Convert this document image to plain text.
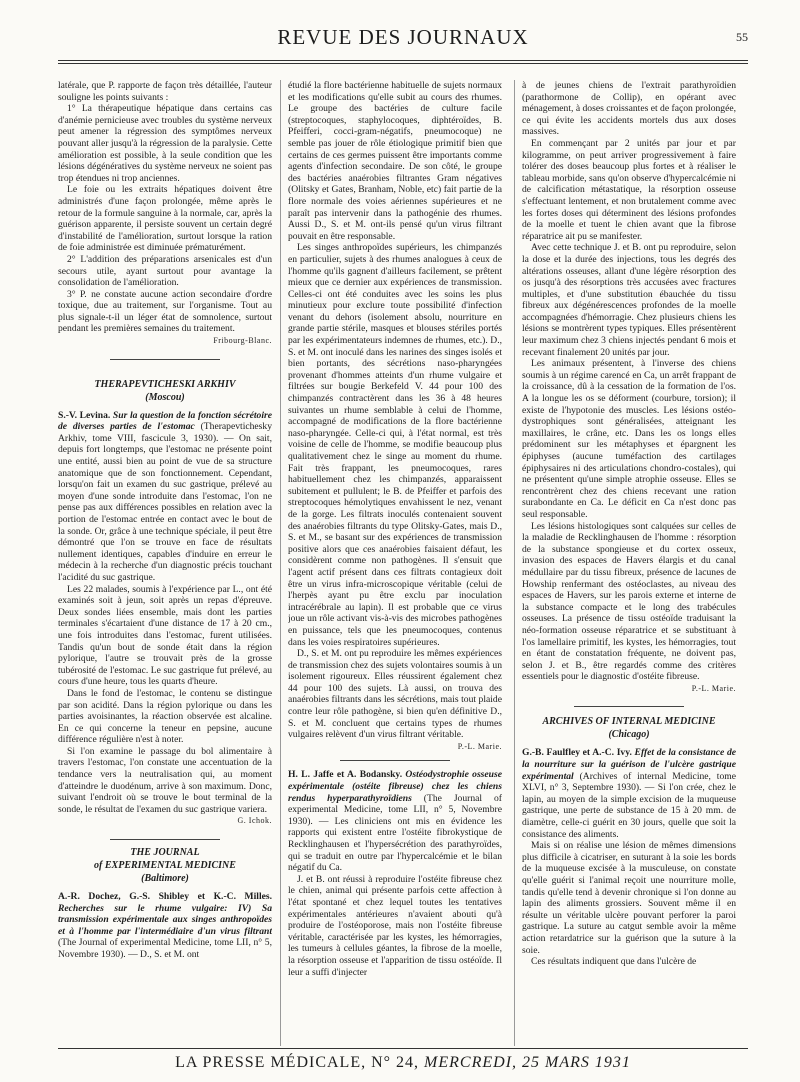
REVUE DES JOURNAUX	55

latérale, que P. rapporte de façon très détaillée, l'auteur souligne les points suivants :

1° La thérapeutique hépatique dans certains cas d'anémie pernicieuse avec troubles du système nerveux peut amener la régression des symptômes nerveux pouvant aller jusqu'à la régression de la paralysie. Cette amélioration est possible, à la seule condition que les lésions dégénératives du système nerveux ne soient pas trop étendues ni trop anciennes.

Le foie ou les extraits hépatiques doivent être administrés d'une façon prolongée, même après le retour de la formule sanguine à la normale, car, après la guérison apparente, il persiste souvent un certain degré d'instabilité de l'amélioration, surtout lorsque la ration de foie administrée est diminuée prématurément.

2° L'addition des préparations arsenicales est d'un secours utile, ayant surtout pour avantage la consolidation de l'amélioration.

3° P. ne constate aucune action secondaire d'ordre toxique, due au traitement, sur l'organisme. Tout au plus signale-t-il un léger état de somnolence, surtout pendant les premières semaines du traitement.

Fribourg-Blanc.

THERAPEVTICHESKI ARKHIV
(Moscou)

S.-V. Levina. Sur la question de la fonction sécrétoire de diverses parties de l'estomac (Therapevtichesky Arkhiv, tome VIII, fascicule 3, 1930). — On sait, depuis fort longtemps, que l'estomac ne présente point une entité, aussi bien au point de vue de sa structure anatomique que de son fonctionnement. Cependant, lorsqu'on fait un examen du suc gastrique, prélevé au moyen d'une sonde introduite dans l'estomac, l'on ne pense pas aux différences possibles en relation avec la portion de l'estomac entrée en contact avec le bout de la sonde. Or, grâce à une technique spéciale, il peut être démontré que l'on se trouve en face de résultats nullement identiques, capables d'induire en erreur le médecin à la recherche d'un diagnostic précis touchant l'acidité du suc gastrique.

Les 22 malades, soumis à l'expérience par L., ont été examinés soit à jeun, soit après un repas d'épreuve. Deux sondes liées ensemble, mais dont les parties terminales s'écartaient d'une distance de 17 à 20 cm., une fois introduites dans l'estomac, furent utilisées. Tandis qu'un bout de sonde était dans la région pylorique, l'autre se trouvait près de la grosse tubérosité de l'estomac. Le suc gastrique fut prélevé, au cours d'une heure, tous les quarts d'heure.

Dans le fond de l'estomac, le contenu se distingue par son acidité. Dans la région pylorique ou dans les parties avoisinantes, la réaction observée est alcaline. En ce qui concerne la teneur en pepsine, aucune différence régulière n'est à noter.

Si l'on examine le passage du bol alimentaire à travers l'estomac, l'on constate une accentuation de la tendance vers la neutralisation qui, au moment d'atteindre le duodénum, arrive à son maximum. Donc, suivant l'endroit où se trouve le bout terminal de la sonde, le résultat de l'examen du suc gastrique variera.

G. Ichok.

THE JOURNAL
of EXPERIMENTAL MEDICINE
(Baltimore)

A.-R. Dochez, G.-S. Shibley et K.-C. Milles. Recherches sur le rhume vulgaire: IV) Sa transmission expérimentale aux singes anthropoïdes et à l'homme par l'intermédiaire d'un virus filtrant (The Journal of experimental Medicine, tome LII, n° 5, Novembre 1930). — D., S. et M. ont

étudié la flore bactérienne habituelle de sujets normaux et les modifications qu'elle subit au cours des rhumes. Le groupe des bactéries de culture facile (streptocoques, staphylocoques, diphtéroïdes, B. Pfeifferi, cocci-gram-négatifs, pneumocoque) ne semble pas jouer de rôle étiologique primitif bien que certains de ces germes puissent être importants comme agents d'infection secondaire. De son côté, le groupe des bactéries anaérobies filtrantes Gram négatives (Olitsky et Gates, Branham, Noble, etc) fait partie de la flore normale des voies aériennes supérieures et ne paraît pas intervenir dans la pathogénie des rhumes. Aussi D., S. et M. ont-ils pensé qu'un virus filtrant pouvait en être responsable.

Les singes anthropoïdes supérieurs, les chimpanzés en particulier, sujets à des rhumes analogues à ceux de l'homme qu'ils gagnent d'ailleurs facilement, se prêtent mieux que ce dernier aux expériences de transmission. Celles-ci ont été conduites avec les soins les plus minutieux pour exclure toute possibilité d'infection venant du dehors (isolement absolu, nourriture en grande partie stérile, masques et blouses stériles portés par les expérimentateurs indemnes de rhumes, etc.). D., S. et M. ont inoculé dans les narines des singes isolés et bien portants, des sécrétions naso-pharyngées provenant d'hommes atteints d'un rhume vulgaire et filtrées sur bougie Berkefeld V. 44 pour 100 des chimpanzés contractèrent dans les 36 à 48 heures suivantes un rhume semblable à celui de l'homme, accompagné de modifications de la flore bactérienne naso-pharyngée. Celle-ci qui, à l'état normal, est très voisine de celle de l'homme, se modifie beaucoup plus qualitativement chez le singe au moment du rhume. Fait très frappant, les pneumocoques, rares habituellement chez les chimpanzés, apparaissent subitement et pullulent; le B. de Pfeiffer et parfois des streptocoques hémolytiques envahissent le nez, venant de la gorge. Les filtrats inoculés contenaient souvent des anaérobies filtrants du type Olitsky-Gates, mais D., S. et M., se basant sur des expériences de transmission positive alors que ces anaérobies faisaient défaut, les considèrent comme non pathogènes. Il s'ensuit que l'agent actif présent dans ces filtrats contagieux doit être un virus infra-microscopique véritable (celui de l'herpès ayant pu être exclu par inoculation intracérébrale au lapin). Il est probable que ce virus joue un rôle activant vis-à-vis des microbes pathogènes en puissance, tels que les pneumocoques, contenus dans les voies respiratoires supérieures.

D., S. et M. ont pu reproduire les mêmes expériences de transmission chez des sujets volontaires soumis à un isolement rigoureux. Elles réussirent également chez 44 pour 100 des sujets. Là aussi, on trouva des anaérobies filtrants dans les sécrétions, mais tout plaide contre leur rôle pathogène, si bien qu'en définitive D., S. et M. concluent que certains types de rhumes vulgaires relèvent d'un virus filtrant véritable.

P.-L. Marie.

H. L. Jaffe et A. Bodansky. Ostéodystrophie osseuse expérimentale (ostéite fibreuse) chez les chiens rendus hyperparathyroïdiens (The Journal of experimental Medicine, tome LII, n° 5, Novembre 1930). — Les cliniciens ont mis en évidence les rapports qui existent entre l'ostéite fibrokystique de Recklinghausen et l'hypersécrétion des parathyroïdes, qui se traduit en outre par l'hypercalcémie et le bilan négatif du Ca.

J. et B. ont réussi à reproduire l'ostéite fibreuse chez le chien, animal qui présente parfois cette affection à l'état spontané et chez lequel toutes les tentatives expérimentales antérieures n'avaient abouti qu'à produire de l'ostéoporose, mais non l'ostéite fibreuse véritable, caractérisée par les kystes, les hémorragies, les tumeurs à cellules géantes, la fibrose de la moelle, la résorption osseuse et l'apparition de tissu ostéoïde. Il leur a suffi d'injecter

à de jeunes chiens de l'extrait parathyroïdien (parathormone de Collip), en opérant avec ménagement, à doses croissantes et de façon prolongée, ce qui évite les accidents mortels dus aux doses massives.

En commençant par 2 unités par jour et par kilogramme, on peut arriver progressivement à faire tolérer des doses beaucoup plus fortes et à réaliser le tableau morbide, sans qu'on observe d'hypercalcémie ni de calcification métastatique, la résorption osseuse s'effectuant lentement, et non brutalement comme avec les fortes doses qui déterminent des lésions profondes de la moelle et tuent le chien avant que la fibrose réparatrice ait pu se manifester.

Avec cette technique J. et B. ont pu reproduire, selon la dose et la durée des injections, tous les degrés des altérations osseuses, allant d'une légère résorption des os jusqu'à des résorptions très accusées avec fractures multiples, et d'une substitution ébauchée du tissu fibreux aux dégénérescences profondes de la moelle accompagnées d'hémorragie. Chez plusieurs chiens les lésions se montrèrent types typiques. Elles présentèrent leur maximum chez 3 chiens injectés pendant 6 mois et recevant finalement 20 unités par jour.

Les animaux présentent, à l'inverse des chiens soumis à un régime carencé en Ca, un arrêt frappant de la croissance, dû à la cessation de la formation de l'os. A la longue les os se déforment (courbure, torsion); il existe de l'hypotonie des muscles. Les lésions ostéo-dystrophiques sont généralisées, atteignant les maxillaires, le crâne, etc. Dans les os longs elles prédominent sur les métaphyses et épargnent les épiphyses (aucune tuméfaction des cartilages épiphysaires ni des articulations chondro-costales), qui ne présentent qu'une simple atrophie osseuse. Elles se rencontrèrent chez des chiens recevant une ration surabondante en Ca. Le déficit en Ca n'est donc pas seul responsable.

Les lésions histologiques sont calquées sur celles de la maladie de Recklinghausen de l'homme : résorption de la substance spongieuse et du cortex osseux, invasion des espaces de Havers élargis et du canal médullaire par du tissu fibreux, présence de lacunes de Howship renfermant des ostéoclastes, au niveau des espaces de Havers, sur les parois externe et interne de la substance compacte et le long des trabécules osseuses. La présence de tissu ostéoïde traduisant la néo-formation osseuse réparatrice et se substituant à l'os lamellaire primitif, les kystes, les hémorragies, tout en étant de constatation fréquente, ne doivent pas, selon J. et B., être regardés comme des critères essentiels pour le diagnostic d'ostéite fibreuse.

P.-L. Marie.

ARCHIVES OF INTERNAL MEDICINE
(Chicago)

G.-B. Faulfley et A.-C. Ivy. Effet de la consistance de la nourriture sur la guérison de l'ulcère gastrique expérimental (Archives of internal Medicine, tome XLVI, n° 3, Septembre 1930). — Si l'on crée, chez le lapin, au moyen de la simple excision de la muqueuse gastrique, une perte de substance de 15 à 20 mm. de diamètre, celle-ci guérit en 30 jours, quelle que soit la consistance des aliments.

Mais si on réalise une lésion de mêmes dimensions plus difficile à cicatriser, en suturant à la soie les bords de la muqueuse excisée à la musculeuse, on constate qu'elle guérit si l'animal reçoit une nourriture molle, tandis qu'elle tend à devenir chronique si l'on donne au lapin des aliments grossiers. Souvent même il en résulte un véritable ulcère pouvant perforer la paroi gastrique. La suture au catgut semble avoir la même action retardatrice sur la guérison que la suture à la soie.

Ces résultats indiquent que dans l'ulcère de

LA PRESSE MÉDICALE, N° 24, MERCREDI, 25 MARS 1931
